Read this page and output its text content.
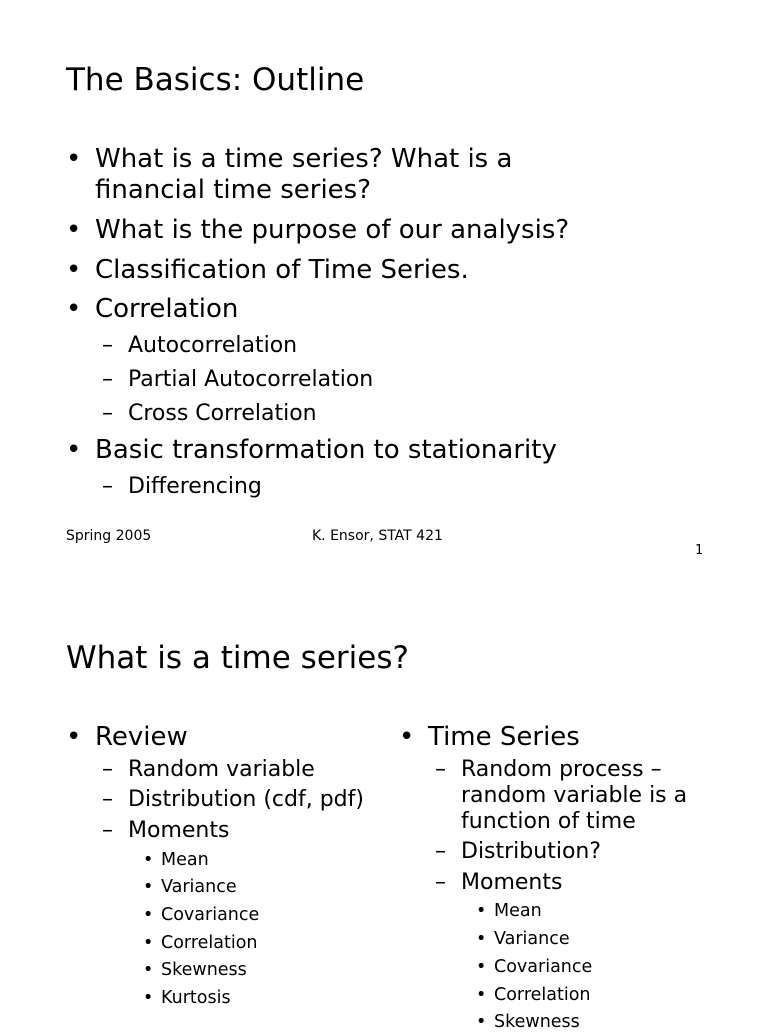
The Basics: Outline
• What is a time series? What is a
financial time series?
• What is the purpose of our analysis?
• Classification of Time Series.
• Correlation
– Autocorrelation
– Partial Autocorrelation
– Cross Correlation
• Basic transformation to stationarity
– Differencing
Spring 2005	K. Ensor, STAT 421
1
What is a time series?
• Review
– Random variable
– Distribution (cdf, pdf)
– Moments
• Mean
• Variance
• Covariance
• Correlation
• Skewness
• Kurtosis
• Time Series
– Random process –
random variable is a
function of time
– Distribution?
– Moments
• Mean
• Variance
• Covariance
• Correlation
• Skewness
